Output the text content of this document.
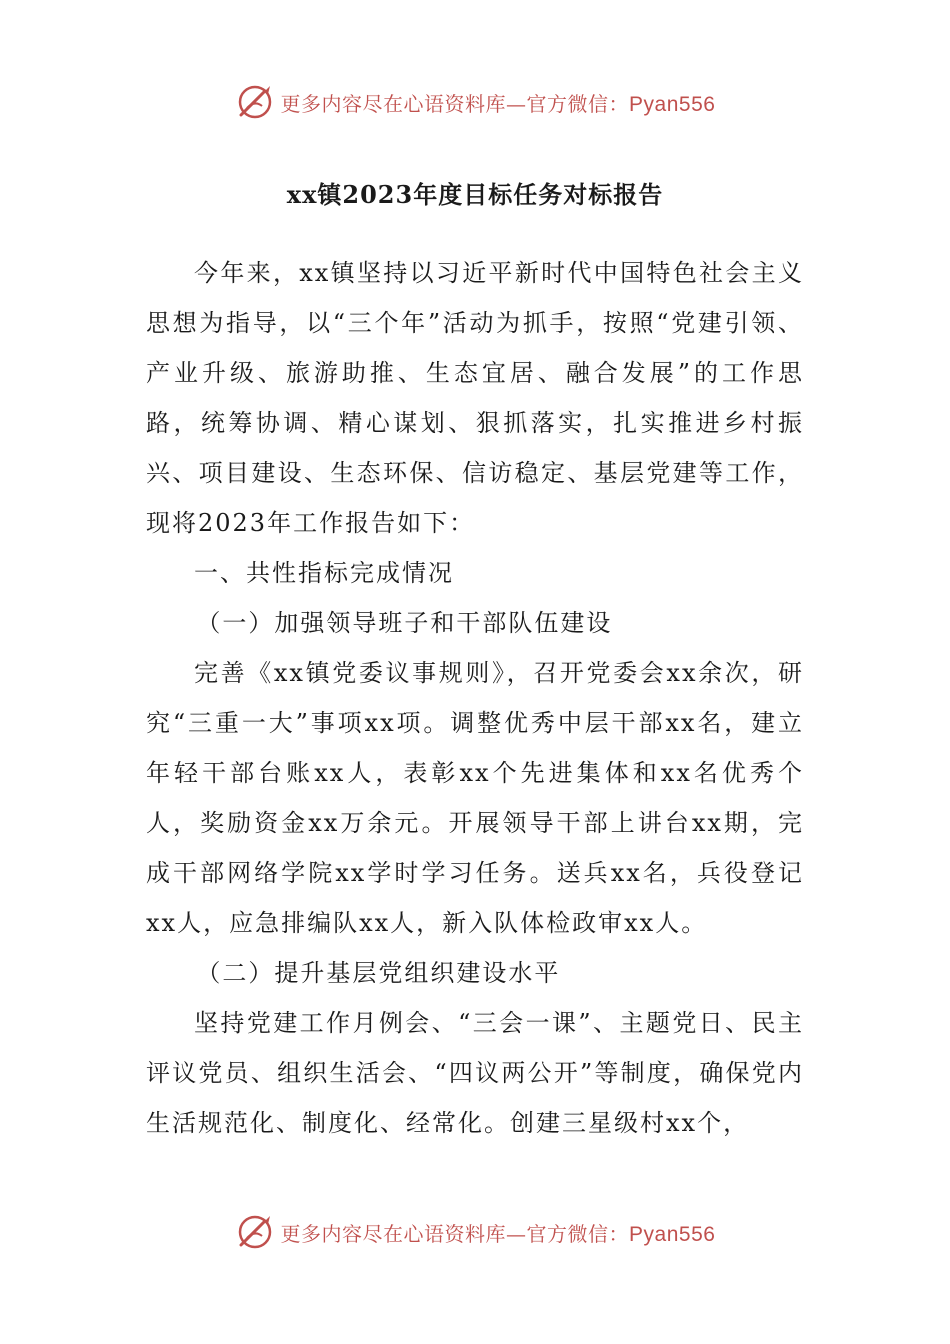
更多内容尽在心语资料库—官方微信：Pyan556
xx镇2023年度目标任务对标报告

今年来，xx镇坚持以习近平新时代中国特色社会主义思想为指导，以“三个年”活动为抓手，按照“党建引领、产业升级、旅游助推、生态宜居、融合发展”的工作思路，统筹协调、精心谋划、狠抓落实，扎实推进乡村振兴、项目建设、生态环保、信访稳定、基层党建等工作，现将2023年工作报告如下：

一、共性指标完成情况

（一）加强领导班子和干部队伍建设

完善《xx镇党委议事规则》，召开党委会xx余次，研究“三重一大”事项xx项。调整优秀中层干部xx名，建立年轻干部台账xx人，表彰xx个先进集体和xx名优秀个人，奖励资金xx万余元。开展领导干部上讲台xx期，完成干部网络学院xx学时学习任务。送兵xx名，兵役登记xx人，应急排编队xx人，新入队体检政审xx人。

（二）提升基层党组织建设水平

坚持党建工作月例会、“三会一课”、主题党日、民主评议党员、组织生活会、“四议两公开”等制度，确保党内生活规范化、制度化、经常化。创建三星级村xx个，

更多内容尽在心语资料库—官方微信：Pyan556
